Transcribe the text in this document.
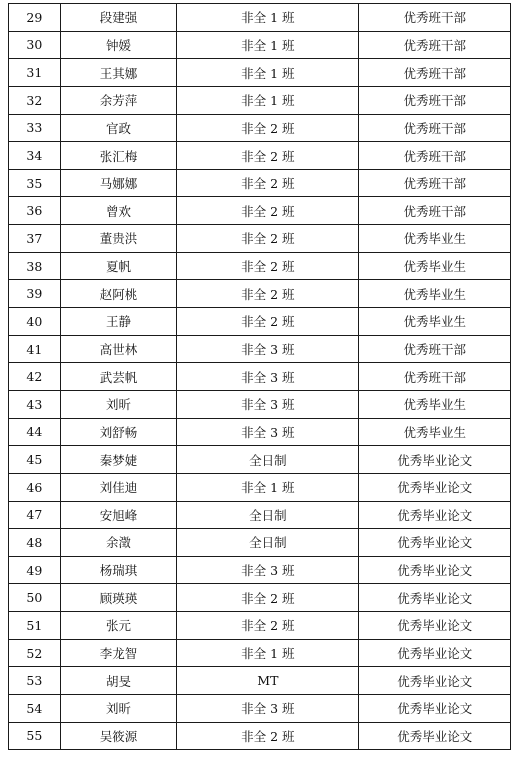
29	段建强	非全 1 班	优秀班干部
30	钟媛	非全 1 班	优秀班干部
31	王其娜	非全 1 班	优秀班干部
32	余芳萍	非全 1 班	优秀班干部
33	官政	非全 2 班	优秀班干部
34	张汇梅	非全 2 班	优秀班干部
35	马娜娜	非全 2 班	优秀班干部
36	曾欢	非全 2 班	优秀班干部
37	董贵洪	非全 2 班	优秀毕业生
38	夏帆	非全 2 班	优秀毕业生
39	赵阿桃	非全 2 班	优秀毕业生
40	王静	非全 2 班	优秀毕业生
41	高世林	非全 3 班	优秀班干部
42	武芸帆	非全 3 班	优秀班干部
43	刘昕	非全 3 班	优秀毕业生
44	刘舒畅	非全 3 班	优秀毕业生
45	秦梦婕	全日制	优秀毕业论文
46	刘佳迪	非全 1 班	优秀毕业论文
47	安旭峰	全日制	优秀毕业论文
48	余澂	全日制	优秀毕业论文
49	杨瑞琪	非全 3 班	优秀毕业论文
50	顾瑛瑛	非全 2 班	优秀毕业论文
51	张元	非全 2 班	优秀毕业论文
52	李龙智	非全 1 班	优秀毕业论文
53	胡旻	MT	优秀毕业论文
54	刘昕	非全 3 班	优秀毕业论文
55	吴筱源	非全 2 班	优秀毕业论文
